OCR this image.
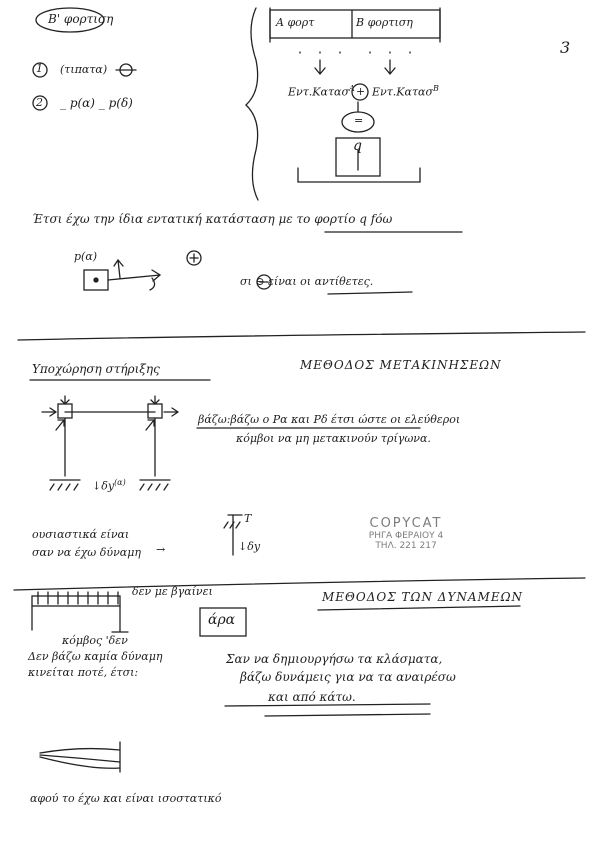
3
B' φορτιση
1 (τιπατα)
2 _ p(α) _ p(δ)
A φορτ	B φορτιση
Εντ.Κατασ$^A$ Εντ.Κατασ$^B$
+
=
q
Έτσι έχω την ίδια εντατική κατάσταση με το φορτίο q fόω
p(α)
σι ⊖ είναι οι αντίθετες.
Υποχώρηση στήριξης	ΜΕΘΟΔΟΣ ΜΕΤΑΚΙΝΗΣΕΩΝ
$↓\delta y^{(\alpha)}$
βάζω:βάζω ο Ρα και Ρδ έτσι ώστε οι ελεύθεροι
κόμβοι να μη μετακινούν τρίγωνα.
ουσιαστικά είναι
σαν να έχω δύναμη →
T
↓δy
COPYCAT
ΡΗΓΑ ΦΕΡΑΙΟΥ 4
ΤΗΛ. 221 217
δεν με βγαίνει	ΜΕΘΟΔΟΣ ΤΩΝ ΔΥΝΑΜΕΩΝ
άρα
κόμβος 'δεν
Δεν βάζω καμία δύναμη
κινείται ποτέ, έτσι:
Σαν να δημιουργήσω τα κλάσματα,
βάζω δυνάμεις για να τα αναιρέσω
και από κάτω.
αφού το έχω και είναι ισοστατικό
